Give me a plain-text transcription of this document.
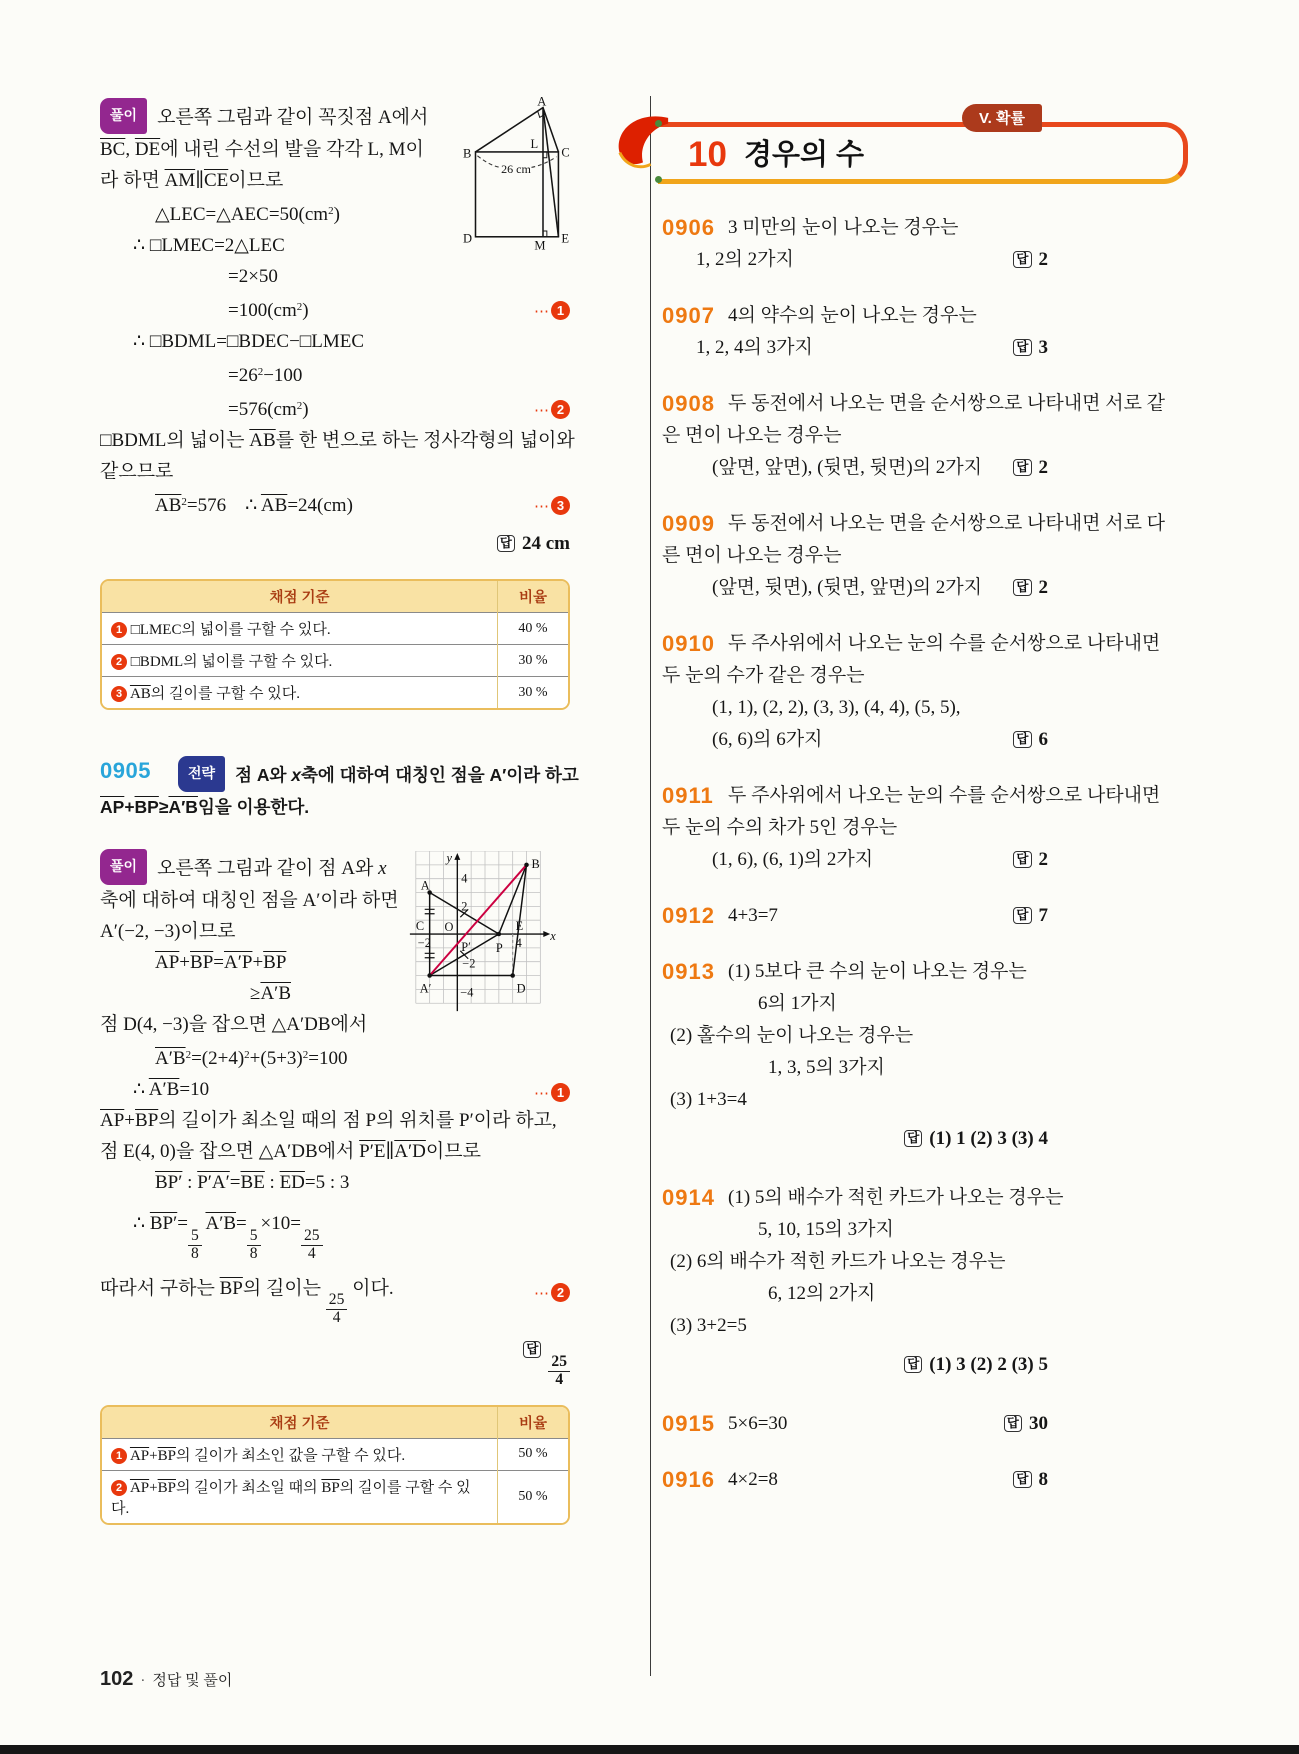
A
B	C
D	E
L
M
26 cm
풀이 오른쪽 그림과 같이 꼭짓점 A에서
$\overline{BC}$, $\overline{DE}$에 내린 수선의 발을 각각 L, M이
라 하면 $\overline{AM}\parallel\overline{CE}$이므로
$\triangle LEC=\triangle AEC=50(cm^2)$
∴ □LMEC=2△LEC
=2×50
$=100(cm^2)$	⋯ 1
∴ □BDML=□BDEC−□LMEC
$=26^2-100$
$=576(cm^2)$	⋯ 2
□BDML의 넓이는 $\overline{AB}$를 한 변으로 하는 정사각형의 넓이와
같으므로
$\overline{AB}^2=576$    ∴ $\overline{AB}=24(cm)$	⋯ 3
답 24 cm
채점 기준	비율
1 □LMEC의 넓이를 구할 수 있다.	40 %
2 □BDML의 넓이를 구할 수 있다.	30 %
3 $\overline{AB}$의 길이를 구할 수 있다.	30 %
0905	전략 점 A와 x축에 대하여 대칭인 점을 A′이라 하고
$\overline{AP}+\overline{BP}\ge A'B$임을 이용한다.
y
x
O
A
C
A′
B
P′ P
E
D
4
2
−2
−4
−2	4
풀이 오른쪽 그림과 같이 점 A와 x
축에 대하여 대칭인 점을 A′이라 하면
A′(−2, −3)이므로
$\overline{AP}+\overline{BP}=A'P+\overline{BP}$
≥A′B
점 D(4, −3)을 잡으면 △A′DB에서
$A'B^2=(2+4)^2+(5+3)^2=100$
∴ A′B=10	⋯ 1
$\overline{AP}+\overline{BP}$의 길이가 최소일 때의 점 P의 위치를 P′이라 하고,
점 E(4, 0)을 잡으면 △A′DB에서 P′E∥A′D이므로
BP′ : $P'A'=\overline{BE}$ : $\overline{ED}=5$ : 3
∴ BP′=
$\frac{5}{8}$
A′B=
$\frac{5}{8}$
×10=
$\frac{25}{4}$
따라서 구하는 $\overline{BP}$의 길이는
$\frac{25}{4}$
이다.	⋯ 2
답
$\frac{25}{4}$
채점 기준	비율
1 $\overline{AP}+\overline{BP}$의 길이가 최소인 값을 구할 수 있다.	50 %
2 $\overline{AP}+\overline{BP}$의 길이가 최소일 때의 $\overline{BP}$의 길이를 구할 수 있다.	50 %
10 경우의 수
V. 확률
0906 3 미만의 눈이 나오는 경우는
1, 2의 2가지	답 2
0907 4의 약수의 눈이 나오는 경우는
1, 2, 4의 3가지	답 3
0908 두 동전에서 나오는 면을 순서쌍으로 나타내면 서로 같
은 면이 나오는 경우는
(앞면, 앞면), (뒷면, 뒷면)의 2가지	답 2
0909 두 동전에서 나오는 면을 순서쌍으로 나타내면 서로 다
른 면이 나오는 경우는
(앞면, 뒷면), (뒷면, 앞면)의 2가지	답 2
0910 두 주사위에서 나오는 눈의 수를 순서쌍으로 나타내면
두 눈의 수가 같은 경우는
(1, 1), (2, 2), (3, 3), (4, 4), (5, 5),
(6, 6)의 6가지	답 6
0911 두 주사위에서 나오는 눈의 수를 순서쌍으로 나타내면
두 눈의 수의 차가 5인 경우는
(1, 6), (6, 1)의 2가지	답 2
0912 4+3=7	답 7
0913 (1) 5보다 큰 수의 눈이 나오는 경우는
6의 1가지
(2) 홀수의 눈이 나오는 경우는
1, 3, 5의 3가지
(3) 1+3=4
답 (1) 1 (2) 3 (3) 4
0914 (1) 5의 배수가 적힌 카드가 나오는 경우는
5, 10, 15의 3가지
(2) 6의 배수가 적힌 카드가 나오는 경우는
6, 12의 2가지
(3) 3+2=5
답 (1) 3 (2) 2 (3) 5
0915 5×6=30	답 30
0916 4×2=8	답 8
102 · 정답 및 풀이
